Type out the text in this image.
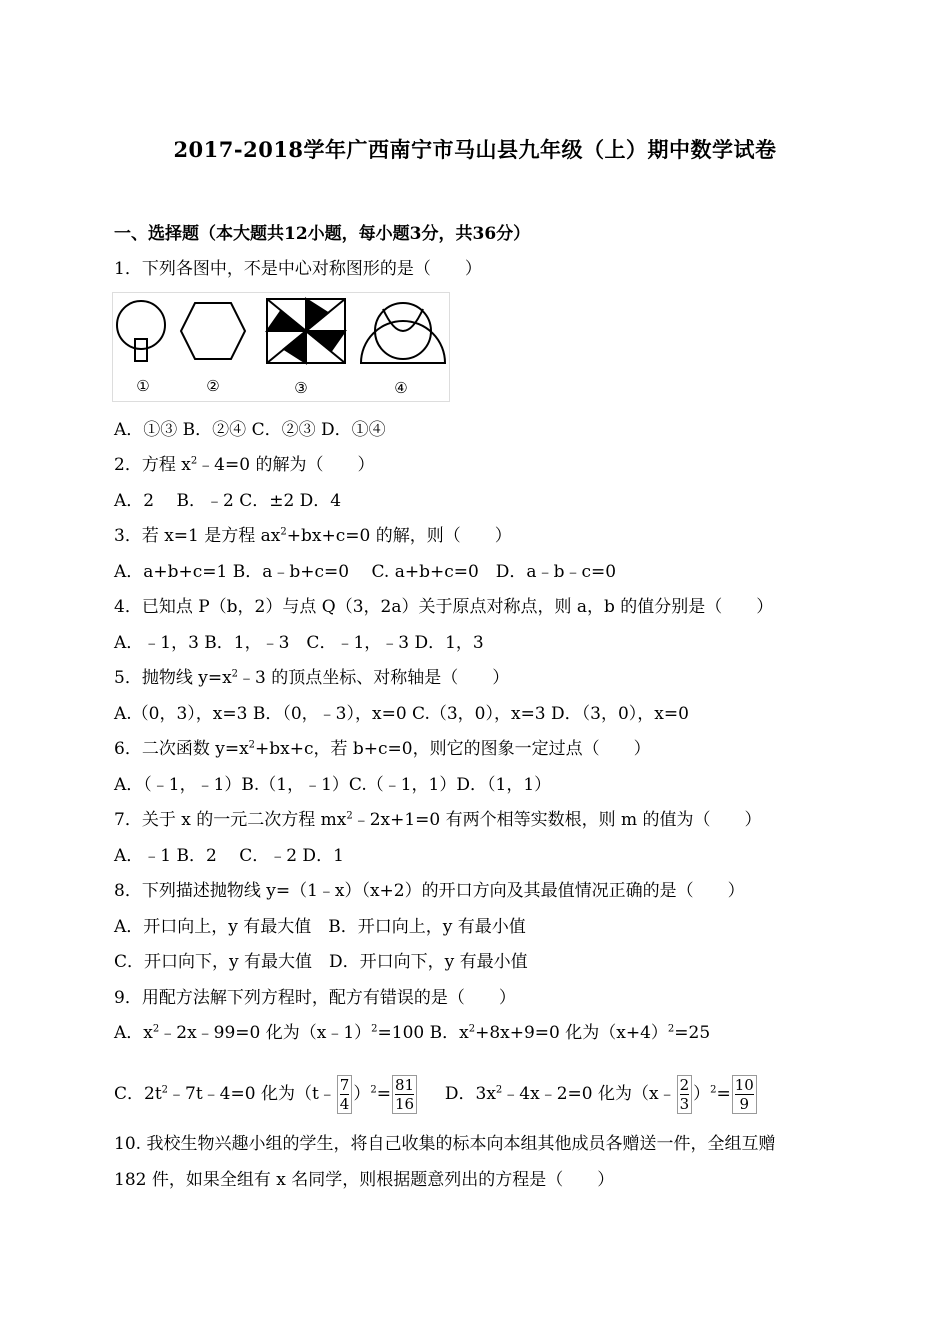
2017-2018学年广西南宁市马山县九年级（上）期中数学试卷
一、选择题（本大题共12小题，每小题3分，共36分）
1．下列各图中，不是中心对称图形的是（　　）
①	②	③	④
A．①③ B．②④ C．②③ D．①④
2．方程 $x^2﹣4=0$ 的解为（　　）
A．2　 B．﹣2 C．±2 D．4
3．若 x=1 是方程 $ax^2+bx+c=0$ 的解，则（　　）
A．a+b+c=1 B．a﹣b+c=0　 C. a+b+c=0　D．a﹣b﹣c=0
4．已知点 P（b，2）与点 Q（3，2a）关于原点对称点，则 a，b 的值分别是（　　）
A．﹣1，3 B．1，﹣3　C．﹣1，﹣3 D．1，3
5．抛物线 $y=x^2﹣3$ 的顶点坐标、对称轴是（　　）
A.（0，3），x=3 B．（0，﹣3），x=0 C.（3，0），x=3 D．（3，0），x=0
6．二次函数 $y=x^2+bx+c$，若 b+c=0，则它的图象一定过点（　　）
A．（﹣1，﹣1）B.（1，﹣1）C.（﹣1，1）D．（1，1）
7．关于 x 的一元二次方程 $mx^2﹣2x+1=0$ 有两个相等实数根，则 m 的值为（　　）
A．﹣1 B．2　 C．﹣2 D．1
8．下列描述抛物线 y=（1﹣x）（x+2）的开口方向及其最值情况正确的是（　　）
A．开口向上，y 有最大值　B．开口向上，y 有最小值
C．开口向下，y 有最大值　D．开口向下，y 有最小值
9．用配方法解下列方程时，配方有错误的是（　　）
A．$x^2﹣2x﹣99=0$ 化为（x﹣1）$^2$=100 B．$x^2+8x+9=0$ 化为$(x+4)^2=25$
C．$2t^2﹣7t﹣4=0$ 化为（t﹣ $\frac{7}{4} )^2= \frac{81}{16}$ D．$3x^2﹣4x﹣2=0$ 化为（x﹣ $\frac{2}{3} )^2= \frac{10}{9}$
10. 我校生物兴趣小组的学生，将自己收集的标本向本组其他成员各赠送一件，全组互赠
182 件，如果全组有 x 名同学，则根据题意列出的方程是（　　）
